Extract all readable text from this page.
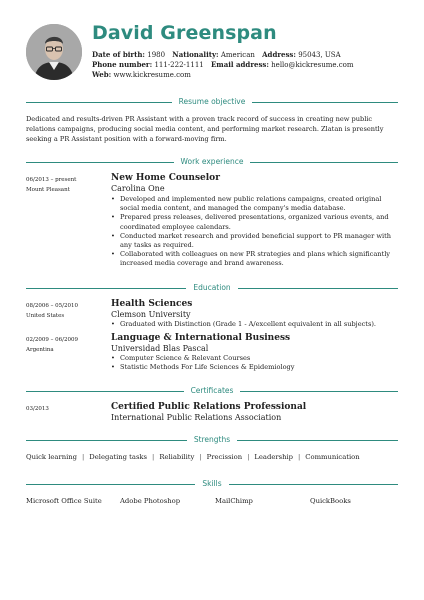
David Greenspan
Date of birth: 1980 Nationality: American Address: 95043, USA
Phone number: 111-222-1111 Email address: hello@kickresume.com
Web: www.kickresume.com
Resume objective
Dedicated and results-driven PR Assistant with a proven track record of success in creating new public relations campaigns, producing social media content, and performing market research. Zlatan is presently seeking a PR Assistant position with a forward-moving firm.
Work experience
06/2013 – present
Mount Pleasant
New Home Counselor
Carolina One
• Developed and implemented new public relations campaigns, created original social media content, and managed the company's media database.
• Prepared press releases, delivered presentations, organized various events, and coordinated employee calendars.
• Conducted market research and provided beneficial support to PR manager with any tasks as required.
• Collaborated with colleagues on new PR strategies and plans which significantly increased media coverage and brand awareness.
Education
08/2006 – 05/2010
United States
Health Sciences
Clemson University
• Graduated with Distinction (Grade 1 - A/excellent equivalent in all subjects).
02/2009 – 06/2009
Argentina
Language & International Business
Universidad Blas Pascal
• Computer Science & Relevant Courses
• Statistic Methods For Life Sciences & Epidemiology
Certificates
03/2013	Certified Public Relations Professional
International Public Relations Association
Strengths
Quick learning | Delegating tasks | Reliability | Precission | Leadership | Communication
Skills
Microsoft Office Suite	Adobe Photoshop	MailChimp	QuickBooks
